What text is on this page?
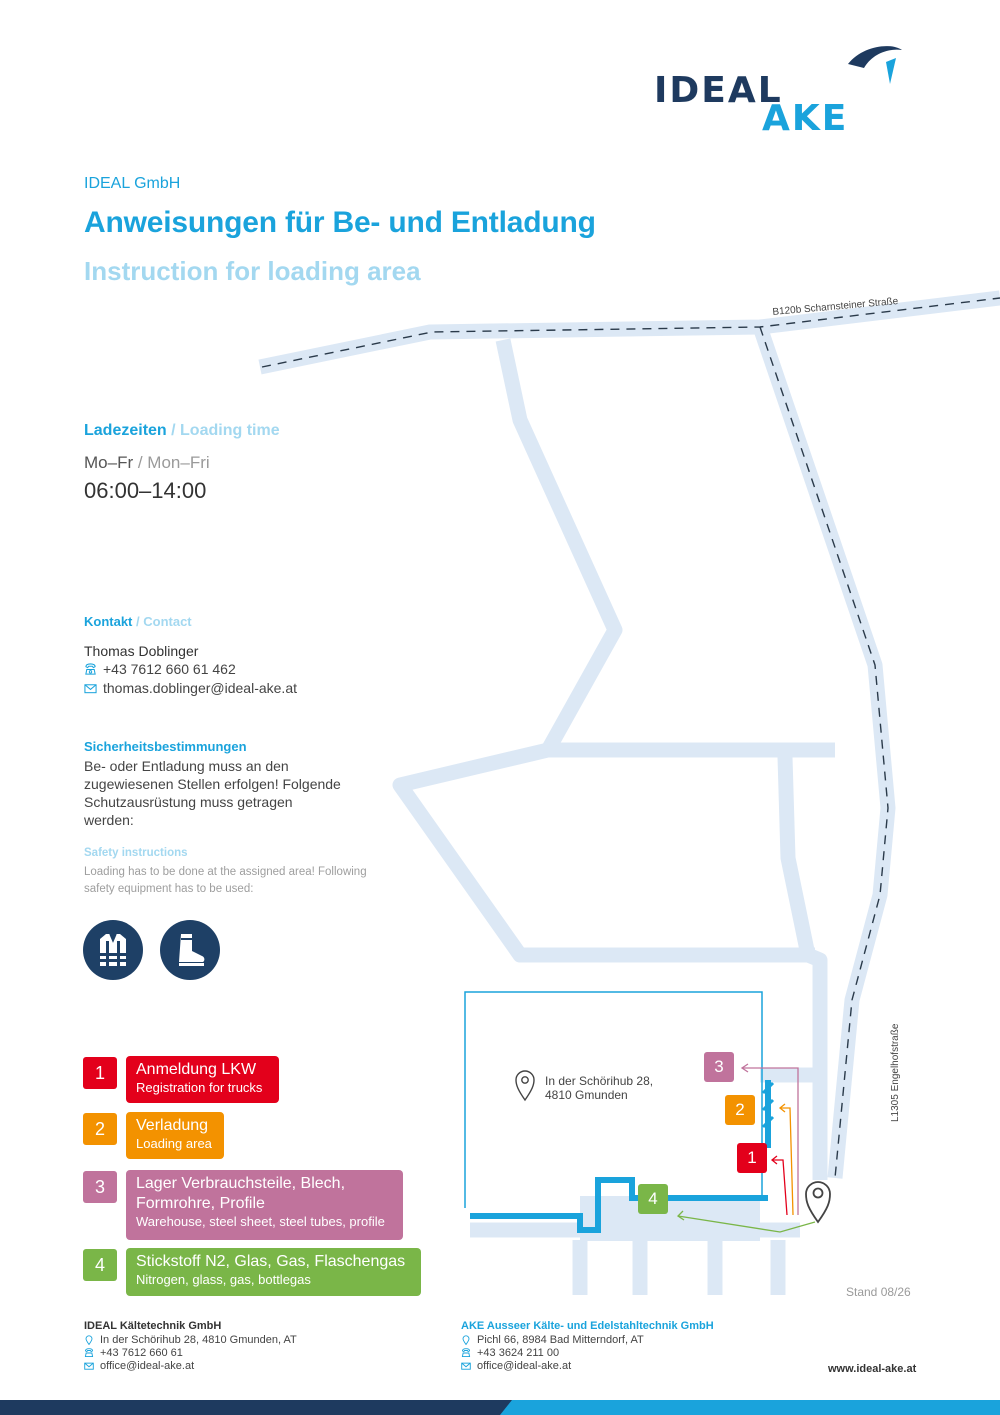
B120b Scharnsteiner Straße
L1305 Engelhofstraße
In der Schörihub 28,
4810 Gmunden	2
1
3
2
1
4
Stand 08/26
IDEAL
AKE
IDEAL GmbH
Anweisungen für Be- und Entladung
Instruction for loading area
Ladezeiten / Loading time
Mo–Fr / Mon–Fri
06:00–14:00
Kontakt / Contact
Thomas Doblinger
+43 7612 660 61 462
thomas.doblinger@ideal-ake.at
Sicherheitsbestimmungen
Be- oder Entladung muss an den zugewiesenen Stellen erfolgen! Folgende Schutzausrüstung muss getragen werden:
Safety instructions
Loading has to be done at the assigned area! Following safety equipment has to be used:
1	Anmeldung LKW
Registration for trucks
2	Verladung
Loading area
3	Lager Verbrauchsteile, Blech, Formrohre, Profile
Warehouse, steel sheet, steel tubes, profile
4	Stickstoff N2, Glas, Gas, Flaschengas
Nitrogen, glass, gas, bottlegas
IDEAL Kältetechnik GmbH
In der Schörihub 28, 4810 Gmunden, AT
+43 7612 660 61
office@ideal-ake.at
AKE Ausseer Kälte- und Edelstahltechnik GmbH
Pichl 66, 8984 Bad Mitterndorf, AT
+43 3624 211 00
office@ideal-ake.at	www.ideal-ake.at
